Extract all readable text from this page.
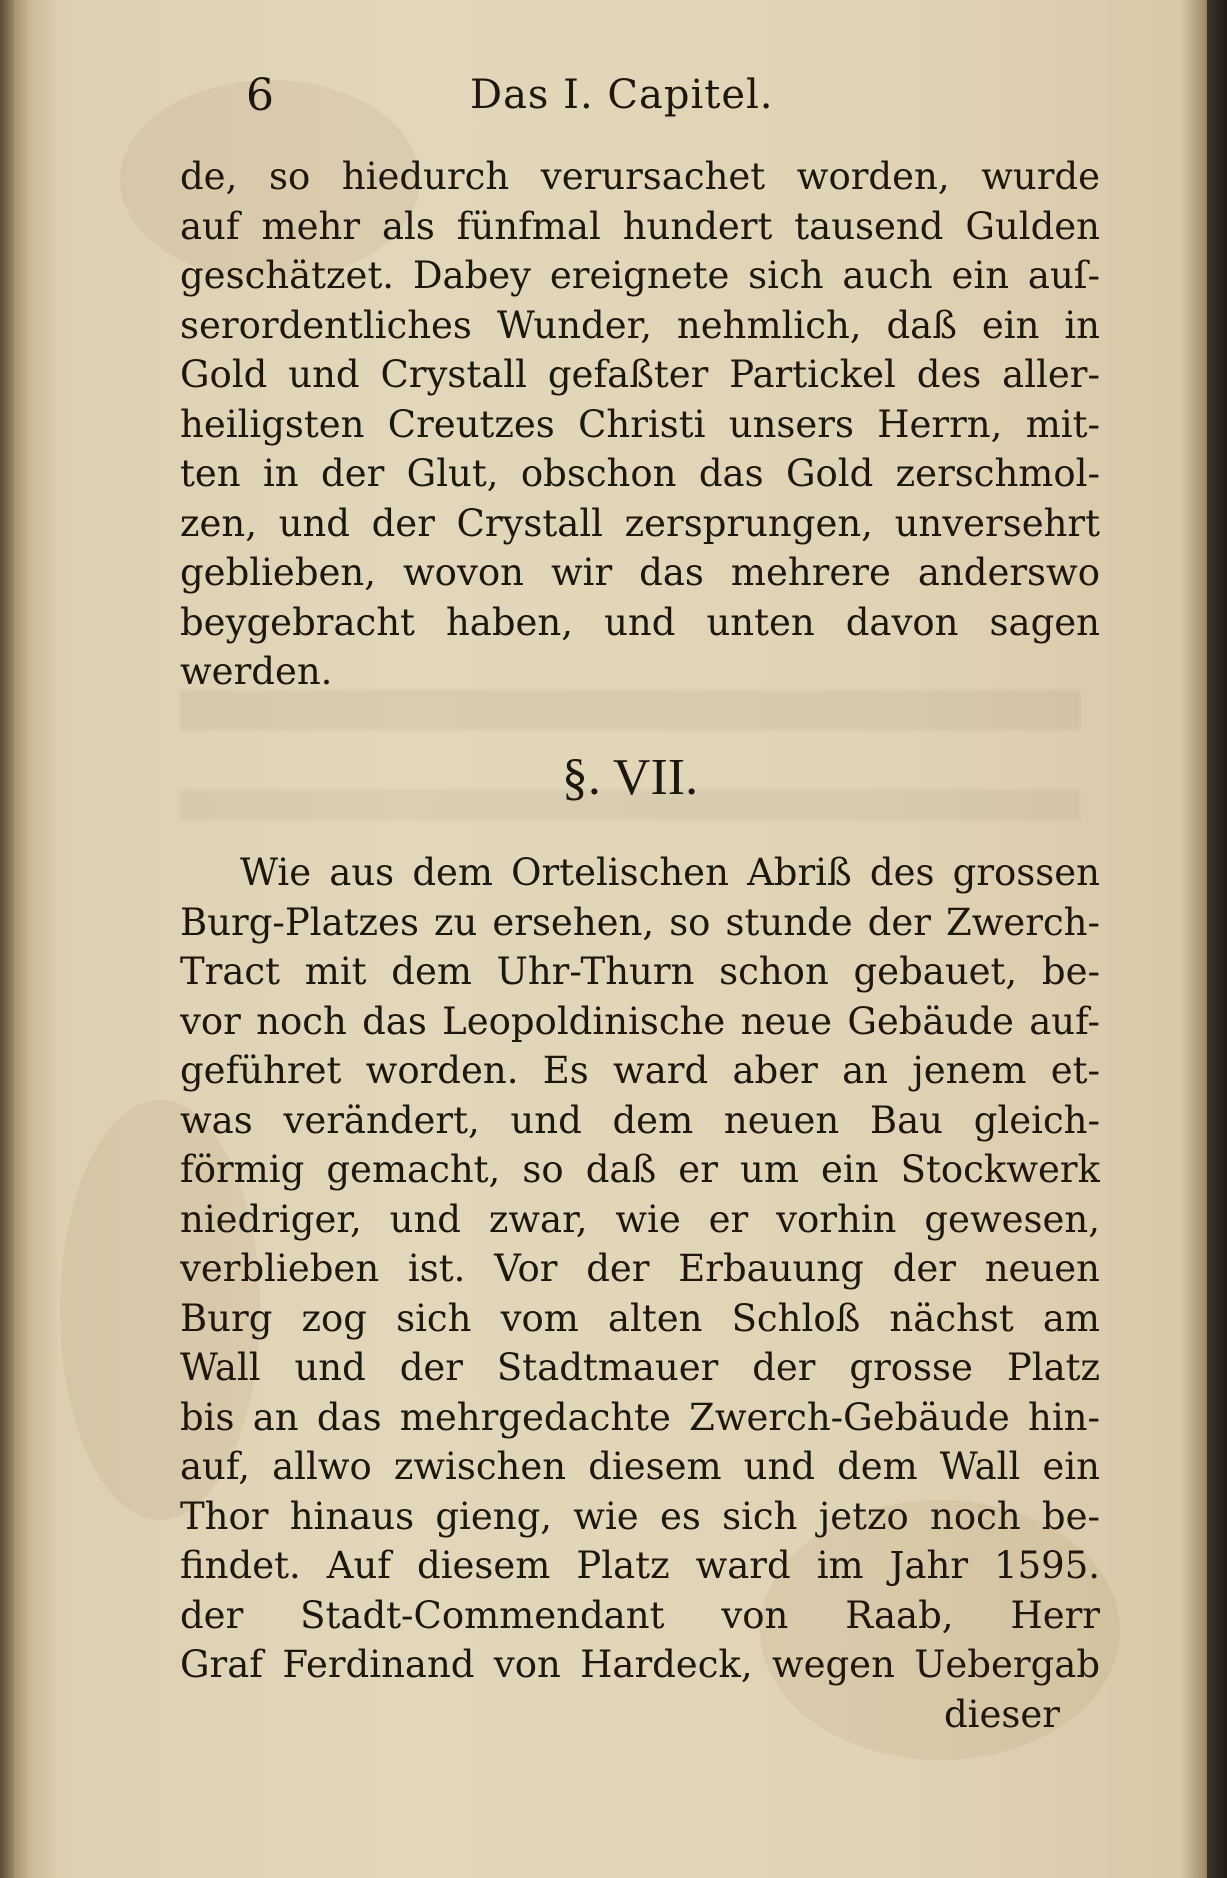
6	Das I. Capitel.
de, so hiedurch verursachet worden, wurde
auf mehr als fünfmal hundert tausend Gulden
geschätzet. Dabey ereignete sich auch ein auſ-
serordentliches Wunder, nehmlich, daß ein in
Gold und Crystall gefaßter Partickel des aller-
heiligsten Creutzes Christi unsers Herrn, mit-
ten in der Glut, obschon das Gold zerschmol-
zen, und der Crystall zersprungen, unversehrt
geblieben, wovon wir das mehrere anderswo
beygebracht haben, und unten davon sagen
werden.
§. VII.
Wie aus dem Ortelischen Abriß des grossen
Burg-Platzes zu ersehen, so stunde der Zwerch-
Tract mit dem Uhr-Thurn schon gebauet, be-
vor noch das Leopoldinische neue Gebäude auf-
geführet worden. Es ward aber an jenem et-
was verändert, und dem neuen Bau gleich-
förmig gemacht, so daß er um ein Stockwerk
niedriger, und zwar, wie er vorhin gewesen,
verblieben ist. Vor der Erbauung der neuen
Burg zog sich vom alten Schloß nächst am
Wall und der Stadtmauer der grosse Platz
bis an das mehrgedachte Zwerch-Gebäude hin-
auf, allwo zwischen diesem und dem Wall ein
Thor hinaus gieng, wie es sich jetzo noch be-
findet. Auf diesem Platz ward im Jahr 1595.
der Stadt-Commendant von Raab, Herr
Graf Ferdinand von Hardeck, wegen Uebergab
dieser
